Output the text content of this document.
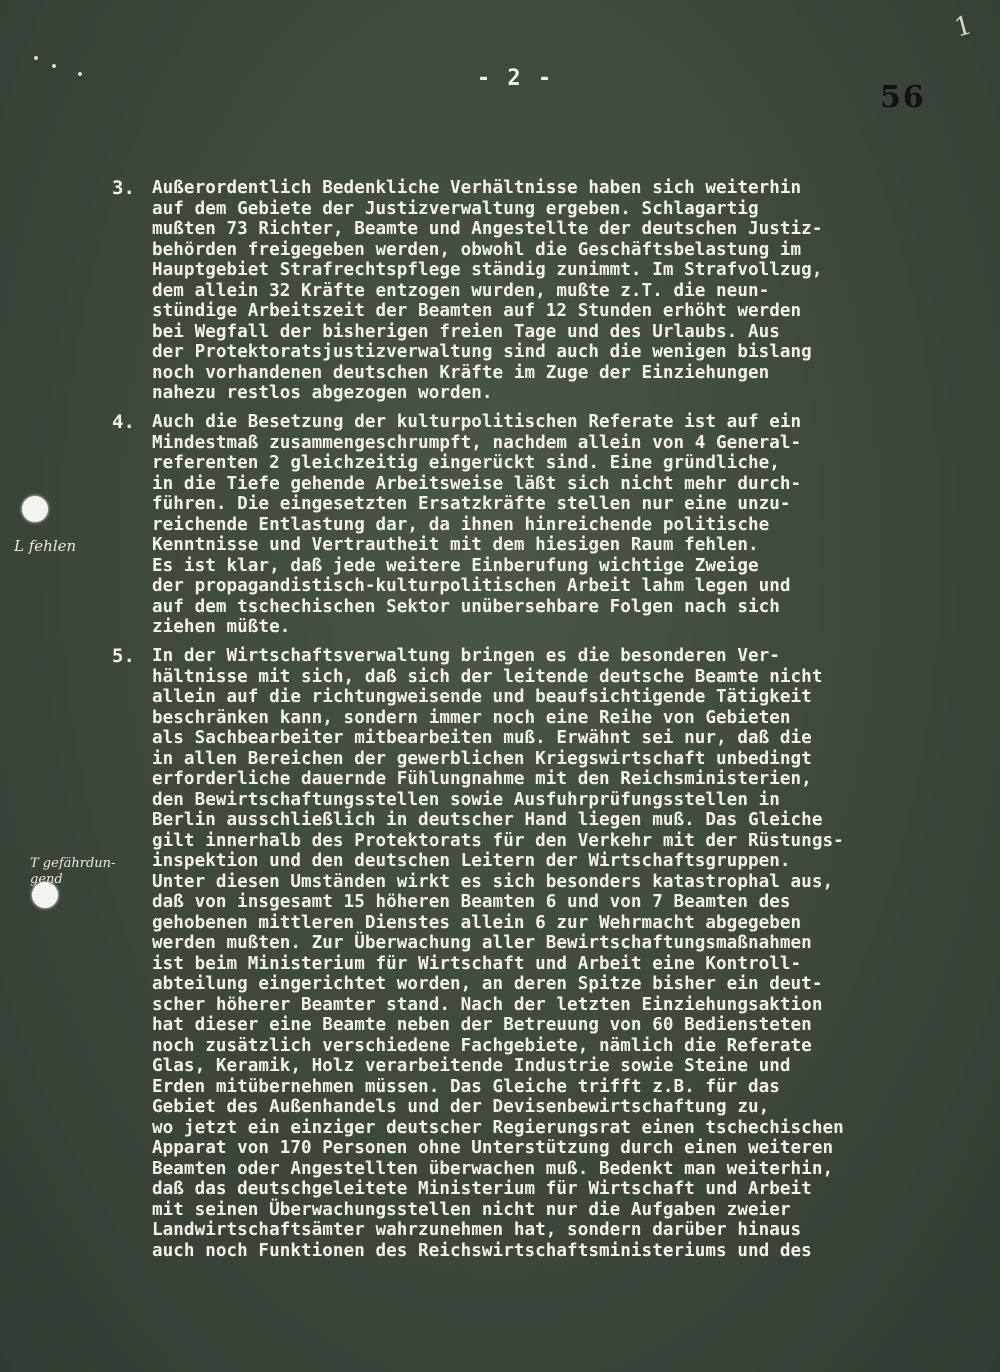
1
- 2 -
56
L fehlen
T gefährdun-
gend
3. Außerordentlich Bedenkliche Verhältnisse haben sich weiterhin
auf dem Gebiete der Justizverwaltung ergeben. Schlagartig
mußten 73 Richter, Beamte und Angestellte der deutschen Justiz-
behörden freigegeben werden, obwohl die Geschäftsbelastung im
Hauptgebiet Strafrechtspflege ständig zunimmt. Im Strafvollzug,
dem allein 32 Kräfte entzogen wurden, mußte z.T. die neun-
stündige Arbeitszeit der Beamten auf 12 Stunden erhöht werden
bei Wegfall der bisherigen freien Tage und des Urlaubs. Aus
der Protektoratsjustizverwaltung sind auch die wenigen bislang
noch vorhandenen deutschen Kräfte im Zuge der Einziehungen
nahezu restlos abgezogen worden.
4. Auch die Besetzung der kulturpolitischen Referate ist auf ein
Mindestmaß zusammengeschrumpft, nachdem allein von 4 General-
referenten 2 gleichzeitig eingerückt sind. Eine gründliche,
in die Tiefe gehende Arbeitsweise läßt sich nicht mehr durch-
führen. Die eingesetzten Ersatzkräfte stellen nur eine unzu-
reichende Entlastung dar, da ihnen hinreichende politische
Kenntnisse und Vertrautheit mit dem hiesigen Raum fehlen.
Es ist klar, daß jede weitere Einberufung wichtige Zweige
der propagandistisch-kulturpolitischen Arbeit lahm legen und
auf dem tschechischen Sektor unübersehbare Folgen nach sich
ziehen müßte.
5. In der Wirtschaftsverwaltung bringen es die besonderen Ver-
hältnisse mit sich, daß sich der leitende deutsche Beamte nicht
allein auf die richtungweisende und beaufsichtigende Tätigkeit
beschränken kann, sondern immer noch eine Reihe von Gebieten
als Sachbearbeiter mitbearbeiten muß. Erwähnt sei nur, daß die
in allen Bereichen der gewerblichen Kriegswirtschaft unbedingt
erforderliche dauernde Fühlungnahme mit den Reichsministerien,
den Bewirtschaftungsstellen sowie Ausfuhrprüfungsstellen in
Berlin ausschließlich in deutscher Hand liegen muß. Das Gleiche
gilt innerhalb des Protektorats für den Verkehr mit der Rüstungs-
inspektion und den deutschen Leitern der Wirtschaftsgruppen.
Unter diesen Umständen wirkt es sich besonders katastrophal aus,
daß von insgesamt 15 höheren Beamten 6 und von 7 Beamten des
gehobenen mittleren Dienstes allein 6 zur Wehrmacht abgegeben
werden mußten. Zur Überwachung aller Bewirtschaftungsmaßnahmen
ist beim Ministerium für Wirtschaft und Arbeit eine Kontroll-
abteilung eingerichtet worden, an deren Spitze bisher ein deut-
scher höherer Beamter stand. Nach der letzten Einziehungsaktion
hat dieser eine Beamte neben der Betreuung von 60 Bediensteten
noch zusätzlich verschiedene Fachgebiete, nämlich die Referate
Glas, Keramik, Holz verarbeitende Industrie sowie Steine und
Erden mitübernehmen müssen. Das Gleiche trifft z.B. für das
Gebiet des Außenhandels und der Devisenbewirtschaftung zu,
wo jetzt ein einziger deutscher Regierungsrat einen tschechischen
Apparat von 170 Personen ohne Unterstützung durch einen weiteren
Beamten oder Angestellten überwachen muß. Bedenkt man weiterhin,
daß das deutschgeleitete Ministerium für Wirtschaft und Arbeit
mit seinen Überwachungsstellen nicht nur die Aufgaben zweier
Landwirtschaftsämter wahrzunehmen hat, sondern darüber hinaus
auch noch Funktionen des Reichswirtschaftsministeriums und des
